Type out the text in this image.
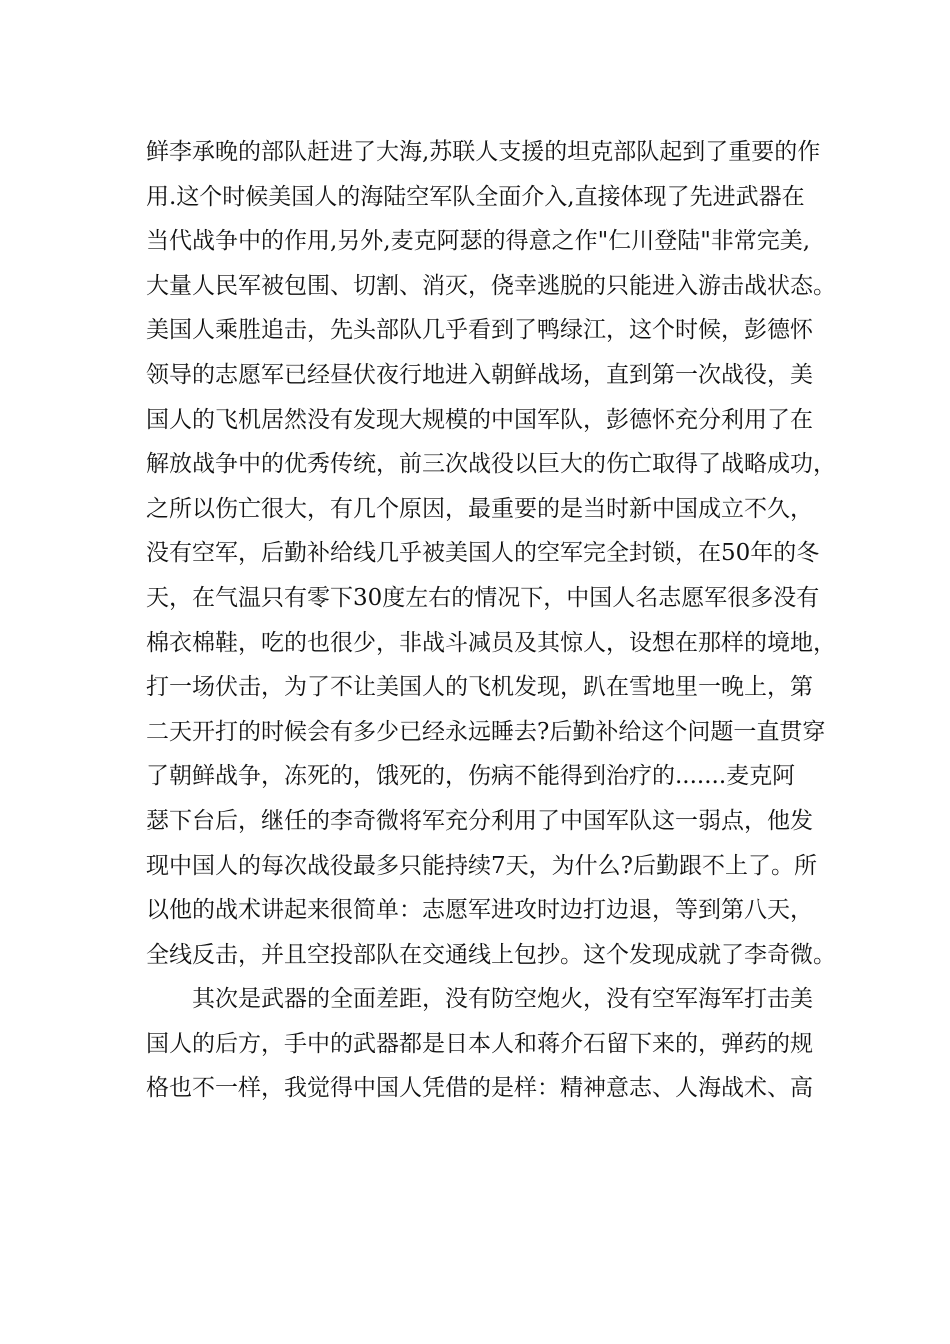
鲜李承晚的部队赶进了大海,苏联人支援的坦克部队起到了重要的作
用.这个时候美国人的海陆空军队全面介入,直接体现了先进武器在
当代战争中的作用,另外,麦克阿瑟的得意之作"仁川登陆"非常完美,
大量人民军被包围、切割、消灭，侥幸逃脱的只能进入游击战状态。
美国人乘胜追击，先头部队几乎看到了鸭绿江，这个时候，彭德怀
领导的志愿军已经昼伏夜行地进入朝鲜战场，直到第一次战役，美
国人的飞机居然没有发现大规模的中国军队，彭德怀充分利用了在
解放战争中的优秀传统，前三次战役以巨大的伤亡取得了战略成功，
之所以伤亡很大，有几个原因，最重要的是当时新中国成立不久，
没有空军，后勤补给线几乎被美国人的空军完全封锁，在50年的冬
天，在气温只有零下30度左右的情况下，中国人名志愿军很多没有
棉衣棉鞋，吃的也很少，非战斗减员及其惊人，设想在那样的境地，
打一场伏击，为了不让美国人的飞机发现，趴在雪地里一晚上，第
二天开打的时候会有多少已经永远睡去?后勤补给这个问题一直贯穿
了朝鲜战争，冻死的，饿死的，伤病不能得到治疗的.......麦克阿
瑟下台后，继任的李奇微将军充分利用了中国军队这一弱点，他发
现中国人的每次战役最多只能持续7天，为什么?后勤跟不上了。所
以他的战术讲起来很简单：志愿军进攻时边打边退，等到第八天，
全线反击，并且空投部队在交通线上包抄。这个发现成就了李奇微。
其次是武器的全面差距，没有防空炮火，没有空军海军打击美
国人的后方，手中的武器都是日本人和蒋介石留下来的，弹药的规
格也不一样，我觉得中国人凭借的是样：精神意志、人海战术、高
